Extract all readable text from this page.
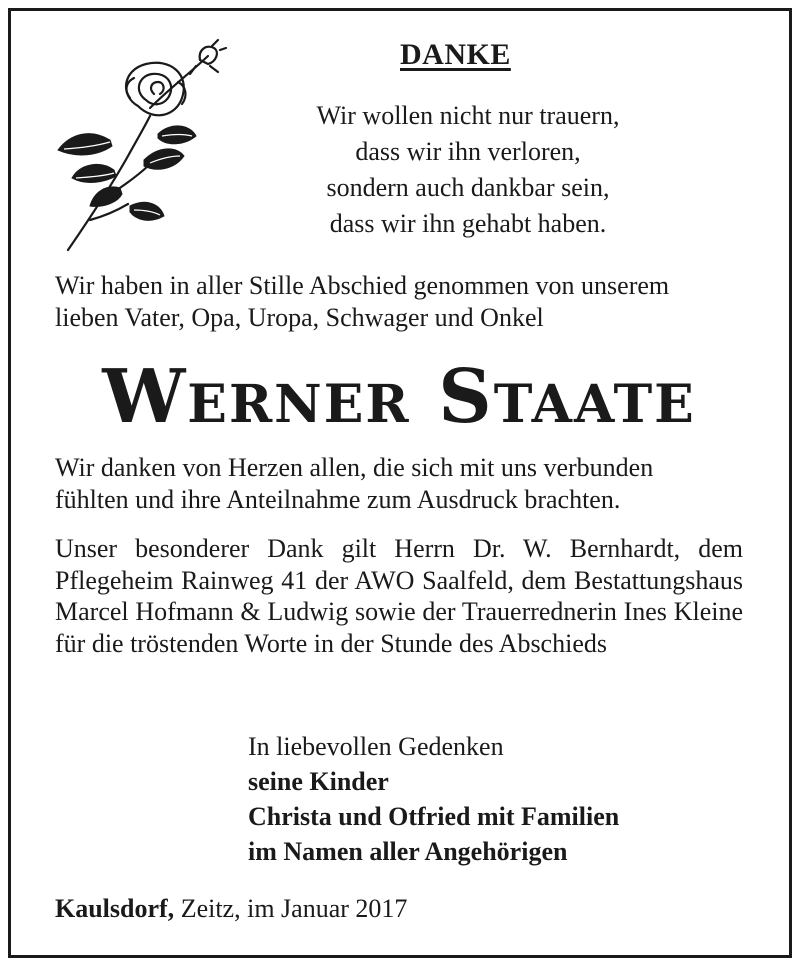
DANKE
Wir wollen nicht nur trauern,
dass wir ihn verloren,
sondern auch dankbar sein,
dass wir ihn gehabt haben.
Wir haben in aller Stille Abschied genommen von unserem
lieben Vater, Opa, Uropa, Schwager und Onkel
Werner Staate
Wir danken von Herzen allen, die sich mit uns verbunden
fühlten und ihre Anteilnahme zum Ausdruck brachten.
Unser besonderer Dank gilt Herrn Dr. W. Bernhardt, dem Pflegeheim Rainweg 41 der AWO Saalfeld, dem Bestattungshaus Marcel Hofmann & Ludwig sowie der Trauerrednerin Ines Kleine für die tröstenden Worte in der Stunde des Abschieds
In liebevollen Gedenken
seine Kinder
Christa und Otfried mit Familien
im Namen aller Angehörigen
Kaulsdorf, Zeitz, im Januar 2017
